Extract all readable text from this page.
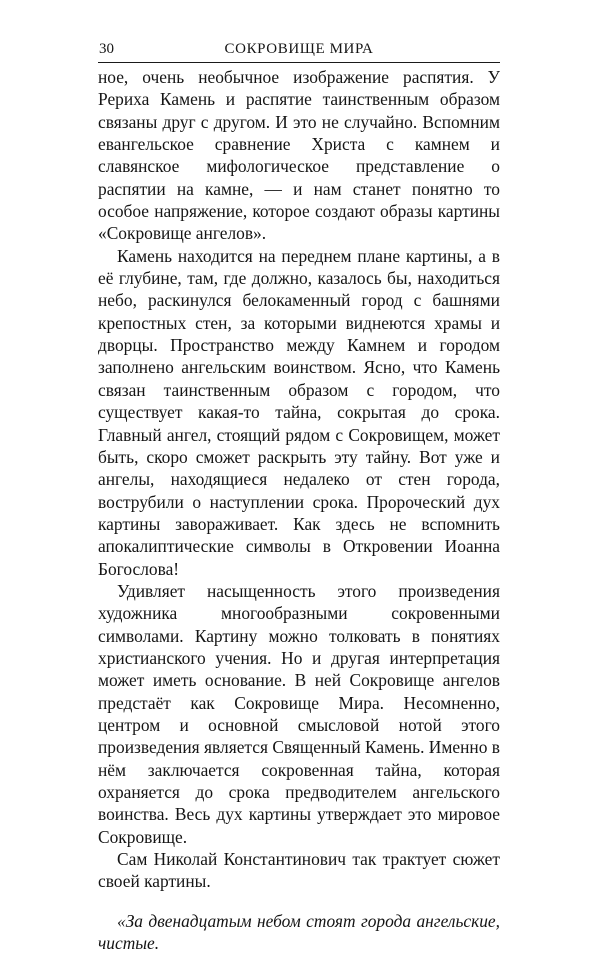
30	СОКРОВИЩЕ МИРА

ное, очень необычное изображение распятия. У Рериха Камень и распятие таинственным образом связаны друг с другом. И это не случайно. Вспомним евангельское сравнение Христа с камнем и славянское мифологическое представление о распятии на камне, — и нам станет понятно то особое напряжение, которое создают образы картины «Сокровище ангелов».

Камень находится на переднем плане картины, а в её глубине, там, где должно, казалось бы, находиться небо, раскинулся белокаменный город с башнями крепостных стен, за которыми виднеются храмы и дворцы. Пространство между Камнем и городом заполнено ангельским воинством. Ясно, что Камень связан таинственным образом с городом, что существует какая-то тайна, сокрытая до срока. Главный ангел, стоящий рядом с Сокровищем, может быть, скоро сможет раскрыть эту тайну. Вот уже и ангелы, находящиеся недалеко от стен города, вострубили о наступлении срока. Пророческий дух картины завораживает. Как здесь не вспомнить апокалиптические символы в Откровении Иоанна Богослова!

Удивляет насыщенность этого произведения художника многообразными сокровенными символами. Картину можно толковать в понятиях христианского учения. Но и другая интерпретация может иметь основание. В ней Сокровище ангелов предстаёт как Сокровище Мира. Несомненно, центром и основной смысловой нотой этого произведения является Священный Камень. Именно в нём заключается сокровенная тайна, которая охраняется до срока предводителем ангельского воинства. Весь дух картины утверждает это мировое Сокровище.

Сам Николай Константинович так трактует сюжет своей картины.

«За двенадцатым небом стоят города ангельские, чистые.
